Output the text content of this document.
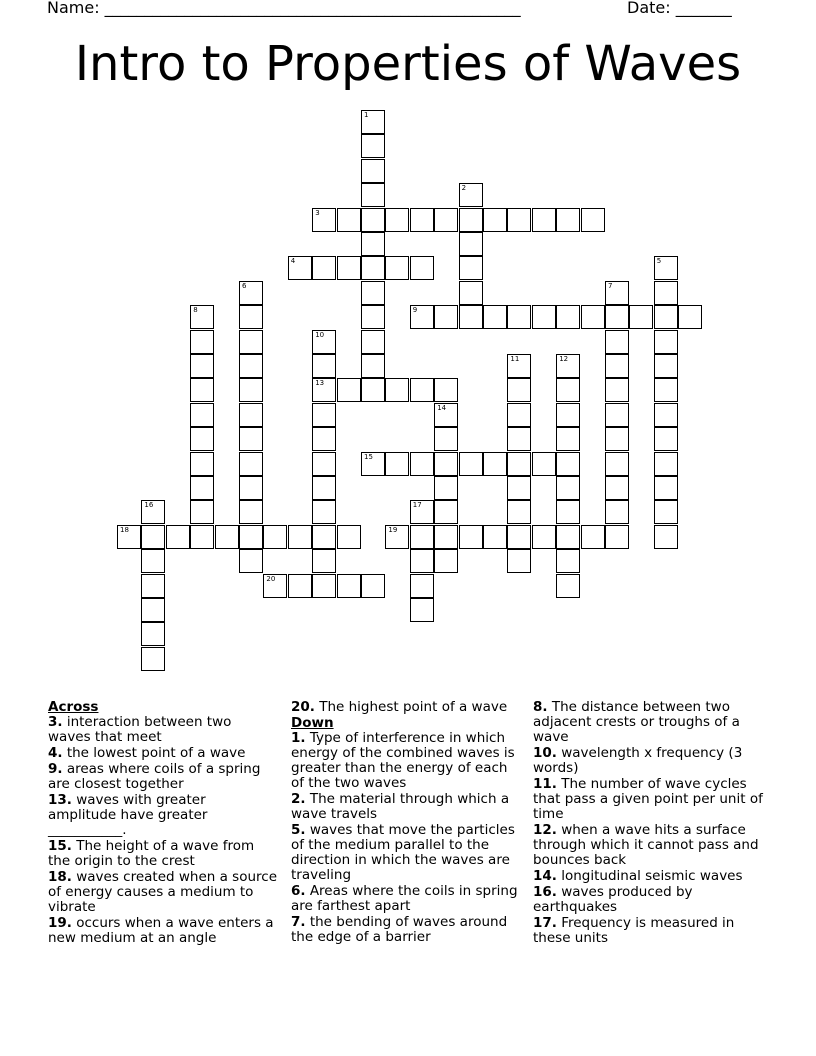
Name: ____________________________________________________	Date: _______
Intro to Properties of Waves
1
2
3
4	5
6	7
8	9
10
13
11	12
14
15
16	17
18	19
20
Across
3. interaction between two waves that meet
4. the lowest point of a wave
9. areas where coils of a spring are closest together
13. waves with greater amplitude have greater ___________.
15. The height of a wave from the origin to the crest
18. waves created when a source of energy causes a medium to vibrate
19. occurs when a wave enters a new medium at an angle
20. The highest point of a wave
Down
1. Type of interference in which energy of the combined waves is greater than the energy of each of the two waves
2. The material through which a wave travels
5. waves that move the particles of the medium parallel to the direction in which the waves are traveling
6. Areas where the coils in spring are farthest apart
7. the bending of waves around the edge of a barrier
8. The distance between two adjacent crests or troughs of a wave
10. wavelength x frequency (3 words)
11. The number of wave cycles that pass a given point per unit of time
12. when a wave hits a surface through which it cannot pass and bounces back
14. longitudinal seismic waves
16. waves produced by earthquakes
17. Frequency is measured in these units
